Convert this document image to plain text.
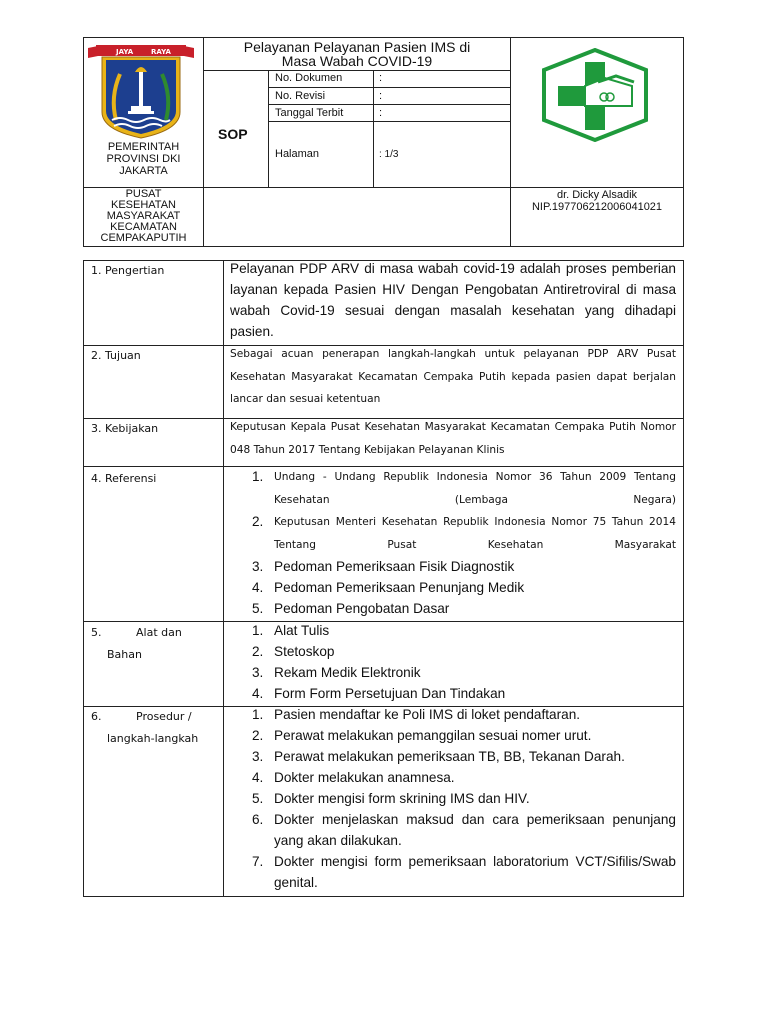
JAYA	RAYA
PEMERINTAH
PROVINSI DKI
JAKARTA
Pelayanan Pelayanan Pasien IMS di
Masa Wabah COVID-19
SOP
No. Dokumen	:
No. Revisi	:
Tanggal Terbit	:
Halaman	: 1/3
PUSAT
KESEHATAN
MASYARAKAT
KECAMATAN
CEMPAKAPUTIH
dr. Dicky Alsadik
NIP.197706212006041021
1. Pengertian	Pelayanan PDP ARV di masa wabah covid-19 adalah proses pemberian layanan kepada Pasien HIV Dengan Pengobatan Antiretroviral di masa wabah Covid-19 sesuai dengan masalah kesehatan yang dihadapi pasien.
2. Tujuan	Sebagai acuan penerapan langkah-langkah untuk pelayanan PDP ARV Pusat Kesehatan Masyarakat Kecamatan Cempaka Putih kepada pasien dapat berjalan lancar dan sesuai ketentuan
3. Kebijakan	Keputusan Kepala Pusat Kesehatan Masyarakat Kecamatan Cempaka Putih Nomor 048 Tahun 2017 Tentang Kebijakan Pelayanan Klinis
4. Referensi	1. Undang - Undang Republik Indonesia Nomor 36 Tahun 2009 Tentang Kesehatan (Lembaga Negara)
2. Keputusan Menteri Kesehatan Republik Indonesia Nomor 75 Tahun 2014 Tentang Pusat Kesehatan Masyarakat
3. Pedoman Pemeriksaan Fisik Diagnostik
4. Pedoman Pemeriksaan Penunjang Medik
5. Pedoman Pengobatan Dasar
5.	Alat dan
Bahan
1. Alat Tulis
2. Stetoskop
3. Rekam Medik Elektronik
4. Form Form Persetujuan Dan Tindakan
6.	Prosedur /
langkah-langkah
1. Pasien mendaftar ke Poli IMS di loket pendaftaran.
2. Perawat melakukan pemanggilan sesuai nomer urut.
3. Perawat melakukan pemeriksaan TB, BB, Tekanan Darah.
4. Dokter melakukan anamnesa.
5. Dokter mengisi form skrining IMS dan HIV.
6. Dokter menjelaskan maksud dan cara pemeriksaan penunjang yang akan dilakukan.
7. Dokter mengisi form pemeriksaan laboratorium VCT/Sifilis/Swab genital.
